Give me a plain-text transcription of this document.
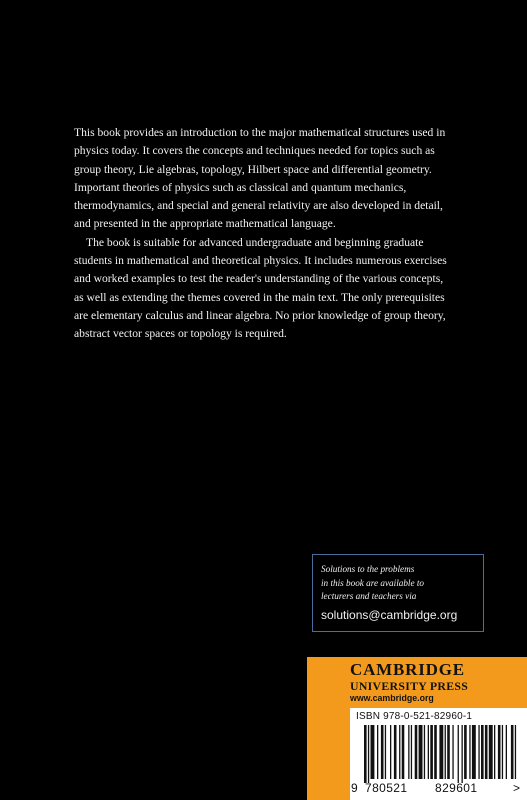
This book provides an introduction to the major mathematical structures used in physics today. It covers the concepts and techniques needed for topics such as group theory, Lie algebras, topology, Hilbert space and differential geometry. Important theories of physics such as classical and quantum mechanics, thermodynamics, and special and general relativity are also developed in detail, and presented in the appropriate mathematical language.

The book is suitable for advanced undergraduate and beginning graduate students in mathematical and theoretical physics. It includes numerous exercises and worked examples to test the reader's understanding of the various concepts, as well as extending the themes covered in the main text. The only prerequisites are elementary calculus and linear algebra. No prior knowledge of group theory, abstract vector spaces or topology is required.

Solutions to the problems
in this book are available to
lecturers and teachers via
solutions@cambridge.org
CAMBRIDGE
UNIVERSITY PRESS
www.cambridge.org
ISBN 978-0-521-82960-1
9 780521 829601	>
